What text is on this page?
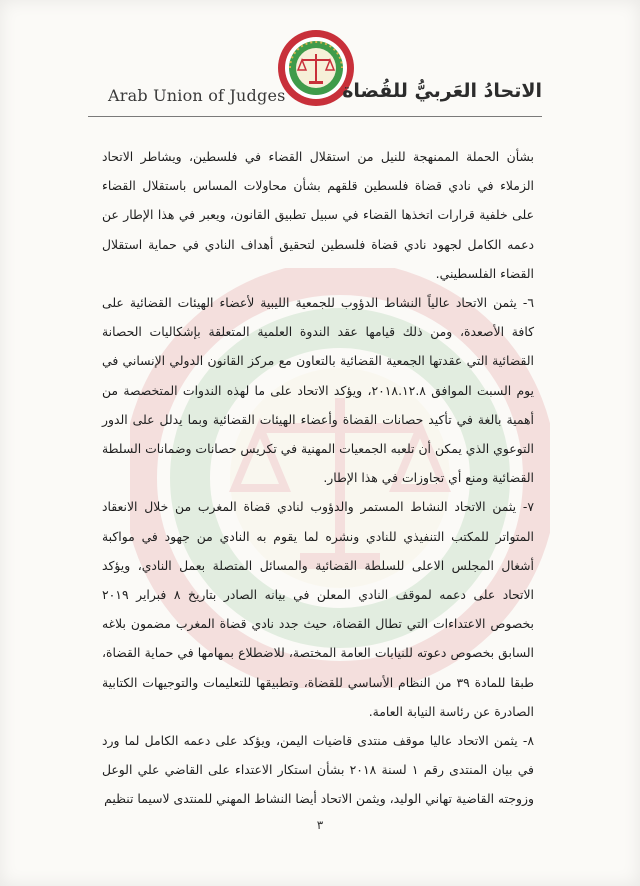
Arab Union of Judges	الاتحادُ العَربيُّ للقُضاة

بشأن الحملة الممنهجة للنيل من استقلال القضاء في فلسطين، ويشاطر الاتحاد الزملاء في نادي قضاة فلسطين قلقهم بشأن محاولات المساس باستقلال القضاء على خلفية قرارات اتخذها القضاء في سبيل تطبيق القانون، ويعبر في هذا الإطار عن دعمه الكامل لجهود نادي قضاة فلسطين لتحقيق أهداف النادي في حماية استقلال القضاء الفلسطيني.

٦- يثمن الاتحاد عالياً النشاط الدؤوب للجمعية الليبية لأعضاء الهيئات القضائية على كافة الأصعدة، ومن ذلك قيامها عقد الندوة العلمية المتعلقة بإشكاليات الحصانة القضائية التي عقدتها الجمعية القضائية بالتعاون مع مركز القانون الدولي الإنساني في يوم السبت الموافق ٢٠١٨.١٢.٨، ويؤكد الاتحاد على ما لهذه الندوات المتخصصة من أهمية بالغة في تأكيد حصانات القضاة وأعضاء الهيئات القضائية وبما يدلل على الدور التوعوي الذي يمكن أن تلعبه الجمعيات المهنية في تكريس حصانات وضمانات السلطة القضائية ومنع أي تجاوزات في هذا الإطار.

٧- يثمن الاتحاد النشاط المستمر والدؤوب لنادي قضاة المغرب من خلال الانعقاد المتواتر للمكتب التنفيذي للنادي ونشره لما يقوم به النادي من جهود في مواكبة أشغال المجلس الاعلى للسلطة القضائية والمسائل المتصلة بعمل النادي، ويؤكد الاتحاد على دعمه لموقف النادي المعلن في بيانه الصادر بتاريخ ٨ فبراير ٢٠١٩ بخصوص الاعتداءات التي تطال القضاة، حيث جدد نادي قضاة المغرب مضمون بلاغه السابق بخصوص دعوته للنيابات العامة المختصة، للاضطلاع بمهامها في حماية القضاة، طبقا للمادة ٣٩ من النظام الأساسي للقضاة، وتطبيقها للتعليمات والتوجيهات الكتابية الصادرة عن رئاسة النيابة العامة.

٨- يثمن الاتحاد عاليا موقف منتدى قاضيات اليمن، ويؤكد على دعمه الكامل لما ورد في بيان المنتدى رقم ١ لسنة ٢٠١٨ بشأن استكار الاعتداء على القاضي علي الوعل وزوجته القاضية تهاني الوليد، ويثمن الاتحاد أيضا النشاط المهني للمنتدى لاسيما تنظيم

٣
